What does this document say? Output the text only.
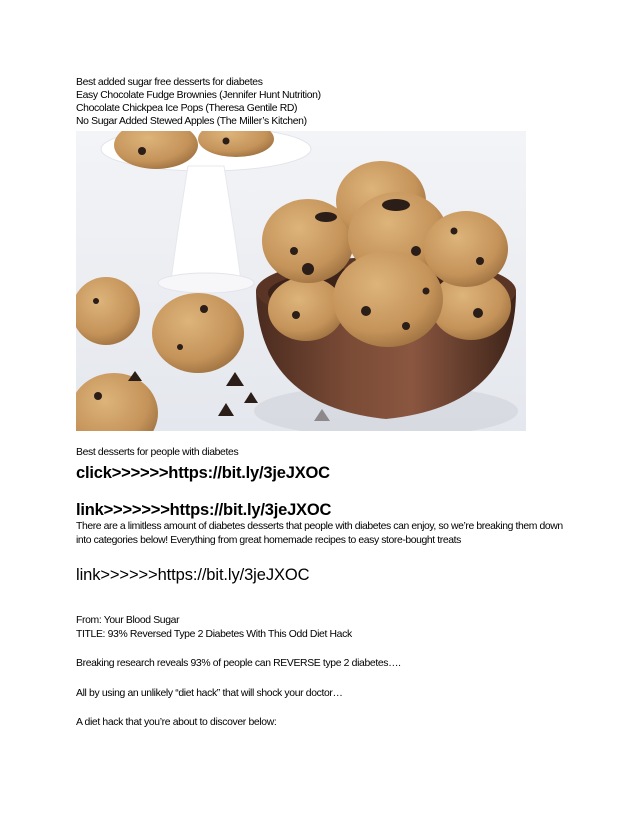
Best added sugar free desserts for diabetes
Easy Chocolate Fudge Brownies (Jennifer Hunt Nutrition)
Chocolate Chickpea Ice Pops (Theresa Gentile RD)
No Sugar Added Stewed Apples (The Miller’s Kitchen)
Best desserts for people with diabetes
click>>>>>>https://bit.ly/3jeJXOC
link>>>>>>>https://bit.ly/3jeJXOC
There are a limitless amount of diabetes desserts that people with diabetes can enjoy, so we’re breaking them down into categories below! Everything from great homemade recipes to easy store-bought treats
link>>>>>>https://bit.ly/3jeJXOC
From: Your Blood Sugar
TITLE: 93% Reversed Type 2 Diabetes With This Odd Diet Hack
Breaking research reveals 93% of people can REVERSE type 2 diabetes….
All by using an unlikely “diet hack” that will shock your doctor…
A diet hack that you’re about to discover below:
